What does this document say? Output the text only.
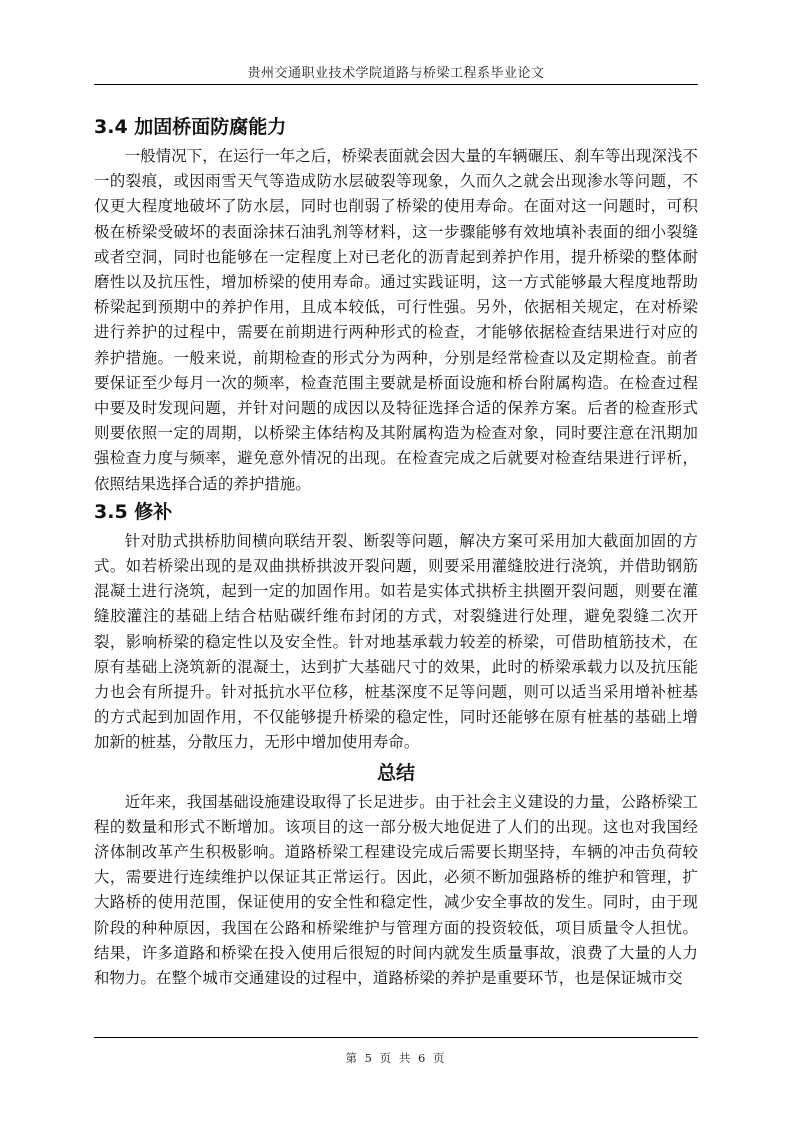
贵州交通职业技术学院道路与桥梁工程系毕业论文
3.4 加固桥面防腐能力

一般情况下，在运行一年之后，桥梁表面就会因大量的车辆碾压、刹车等出现深浅不一的裂痕，或因雨雪天气等造成防水层破裂等现象，久而久之就会出现渗水等问题，不仅更大程度地破坏了防水层，同时也削弱了桥梁的使用寿命。在面对这一问题时，可积极在桥梁受破坏的表面涂抹石油乳剂等材料，这一步骤能够有效地填补表面的细小裂缝或者空洞，同时也能够在一定程度上对已老化的沥青起到养护作用，提升桥梁的整体耐磨性以及抗压性，增加桥梁的使用寿命。通过实践证明，这一方式能够最大程度地帮助桥梁起到预期中的养护作用，且成本较低，可行性强。另外，依据相关规定，在对桥梁进行养护的过程中，需要在前期进行两种形式的检查，才能够依据检查结果进行对应的养护措施。一般来说，前期检查的形式分为两种，分别是经常检查以及定期检查。前者要保证至少每月一次的频率，检查范围主要就是桥面设施和桥台附属构造。在检查过程中要及时发现问题，并针对问题的成因以及特征选择合适的保养方案。后者的检查形式则要依照一定的周期，以桥梁主体结构及其附属构造为检查对象，同时要注意在汛期加强检查力度与频率，避免意外情况的出现。在检查完成之后就要对检查结果进行评析，依照结果选择合适的养护措施。

3.5 修补

针对肋式拱桥肋间横向联结开裂、断裂等问题，解决方案可采用加大截面加固的方式。如若桥梁出现的是双曲拱桥拱波开裂问题，则要采用灌缝胶进行浇筑，并借助钢筋混凝土进行浇筑，起到一定的加固作用。如若是实体式拱桥主拱圈开裂问题，则要在灌缝胶灌注的基础上结合枯贴碳纤维布封闭的方式，对裂缝进行处理，避免裂缝二次开裂，影响桥梁的稳定性以及安全性。针对地基承载力较差的桥梁，可借助植筋技术，在原有基础上浇筑新的混凝土，达到扩大基础尺寸的效果，此时的桥梁承载力以及抗压能力也会有所提升。针对抵抗水平位移，桩基深度不足等问题，则可以适当采用增补桩基的方式起到加固作用，不仅能够提升桥梁的稳定性，同时还能够在原有桩基的基础上增加新的桩基，分散压力，无形中增加使用寿命。

总结

近年来，我国基础设施建设取得了长足进步。由于社会主义建设的力量，公路桥梁工程的数量和形式不断增加。该项目的这一部分极大地促进了人们的出现。这也对我国经济体制改革产生积极影响。道路桥梁工程建设完成后需要长期坚持，车辆的冲击负荷较大，需要进行连续维护以保证其正常运行。因此，必须不断加强路桥的维护和管理，扩大路桥的使用范围，保证使用的安全性和稳定性，减少安全事故的发生。同时，由于现阶段的种种原因，我国在公路和桥梁维护与管理方面的投资较低，项目质量令人担忧。结果，许多道路和桥梁在投入使用后很短的时间内就发生质量事故，浪费了大量的人力和物力。在整个城市交通建设的过程中，道路桥梁的养护是重要环节，也是保证城市交

第 5 页 共 6 页
